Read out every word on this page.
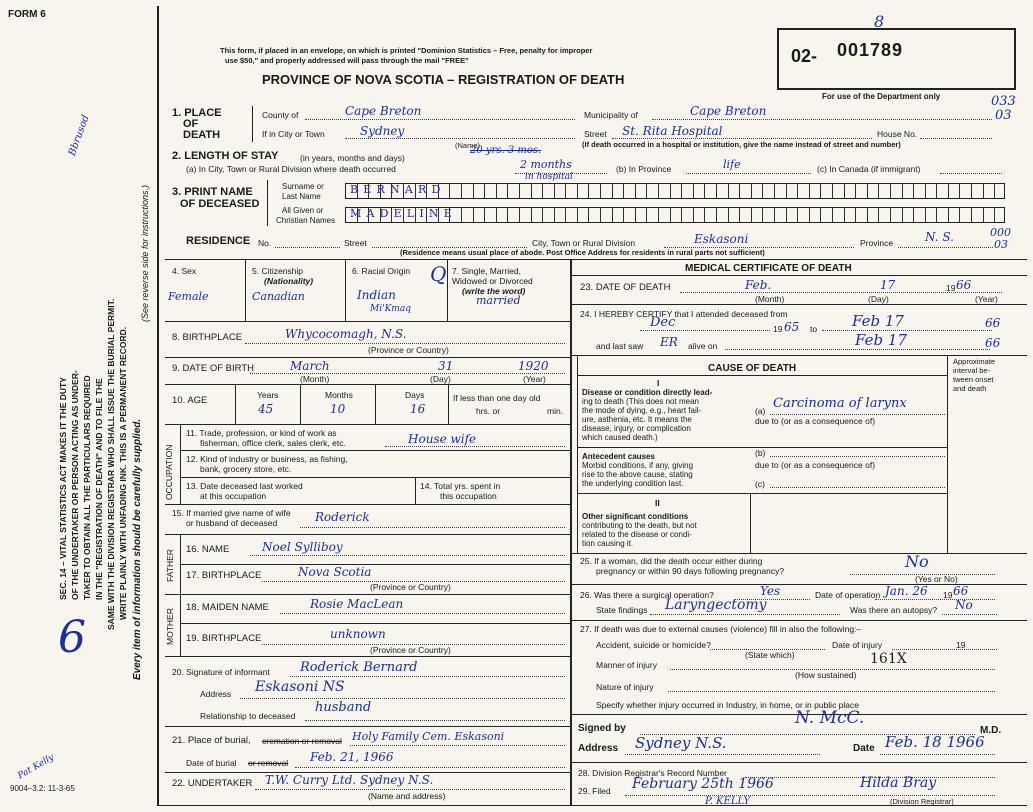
FORM 6
This form, if placed in an envelope, on which is printed "Dominion Statistics – Free, penalty for improper
use $50," and properly addressed will pass through the mail "FREE"
PROVINCE OF NOVA SCOTIA – REGISTRATION OF DEATH
02- 001789
8
For use of the Department only	033
03
SEC. 14 – VITAL STATISTICS ACT MAKES IT THE DUTY OF THE UNDERTAKER OR PERSON ACTING AS UNDER- TAKER TO OBTAIN ALL THE PARTICULARS REQUIRED IN THE "REGISTRATION OF DEATH" AND TO FILE THE SAME WITH THE DIVISION REGISTRAR WHO SHALL ISSUE THE BURIAL PERMIT. WRITE PLAINLY WITH UNFADING INK. THIS IS A PERMANENT RECORD. Every item of information should be carefully supplied.
(See reverse side for instructions.)
Bbrusod
6
Pat Kelly
9004–3.2: 11-3-65
1. PLACE
OF
DEATH
County of	Cape Breton	Municipality of	Cape Breton
If in City or Town	Sydney	Street St. Rita Hospital	House No.
(Name)	(If death occurred in a hospital or institution, give the name instead of street and number)
2. LENGTH OF STAY	(in years, months and days)
20 yrs. 3 mos.
(a) In City, Town or Rural Division where death occurred	2 months
in hospital
(b) In Province	life	(c) In Canada (if immigrant)
3. PRINT NAME
OF DECEASED
Surname or
Last Name
All Given or
Christian Names
BERNARD
MADELINE
RESIDENCE No.	Street	City, Town or Rural Division	Eskasoni	Province	N. S.	000
03
(Residence means usual place of abode. Post Office Address for residents in rural parts not sufficient)
4. Sex
Female
5. Citizenship
(Nationality)
Canadian
6. Racial Origin Q
Indian
Mi'Kmaq
7. Single, Married,
Widowed or Divorced
(write the word)
married
8. BIRTHPLACE	Whycocomagh, N.S.
(Province or Country)
9. DATE OF BIRTH	March	31	1920
(Month)	(Day)	(Year)
10. AGE	Years	Months	Days
45	10	16
If less than one day old
hrs. or	min.
OCCUPATION
11. Trade, profession, or kind of work as
fisherman, office clerk, sales clerk, etc.	House wife
12. Kind of industry or business, as fishing,
bank, grocery store, etc.
13. Date deceased last worked
at this occupation
14. Total yrs. spent in
this occupation
15. If married give name of wife
or husband of deceased	Roderick
FATHER 16. NAME	Noel Sylliboy
17. BIRTHPLACE	Nova Scotia
(Province or Country)
MOTHER
18. MAIDEN NAME	Rosie MacLean
19. BIRTHPLACE	unknown
(Province or Country)
20. Signature of informant Roderick Bernard
Address Eskasoni NS
Relationship to deceased
husband
21. Place of burial, cremation or removal Holy Family Cem. Eskasoni
Date of burial or removal Feb. 21, 1966
22. UNDERTAKER T.W. Curry Ltd. Sydney N.S.
(Name and address)
MEDICAL CERTIFICATE OF DEATH
23. DATE OF DEATH	Feb.	17	19 66
(Month)	(Day)	(Year)
24. I HEREBY CERTIFY that I attended deceased from
Dec	19 65 to Feb 17	66
and last saw ER alive on	Feb 17	66
CAUSE OF DEATH
Approximate
interval be-
tween onset
and death
I
Disease or condition directly lead-
ing to death (This does not mean
the mode of dying, e.g., heart fail-
ure, asthenia, etc. It means the
disease, injury, or complication
which caused death.)
(a) Carcinoma of larynx
due to (or as a consequence of)
Antecedent causes
Morbid conditions, if any, giving
rise to the above cause, stating
the underlying condition last.
(b)
due to (or as a consequence of)
(c)
II
Other significant conditions
contributing to the death, but not
related to the disease or condi-
tion causing it.
25. If a woman, did the death occur either during
pregnancy or within 90 days following pregnancy?	No
(Yes or No)
26. Was there a surgical operation?	Yes	Date of operation Jan. 26 19 66
State findings Laryngectomy	Was there an autopsy? No
27. If death was due to external causes (violence) fill in also the following:–
Accident, suicide or homicide?
(State which)
Date of injury	19
Manner of injury	161X
(How sustained)
Nature of injury
Specify whether injury occurred in Industry, in home, or in public place
Signed by
N. McC.
M.D.
Address Sydney N.S.	Date Feb. 18 1966
28. Division Registrar's Record Number
29. Filed February 25th 1966	Hilda Bray
(Division Registrar)
P. KELLY
